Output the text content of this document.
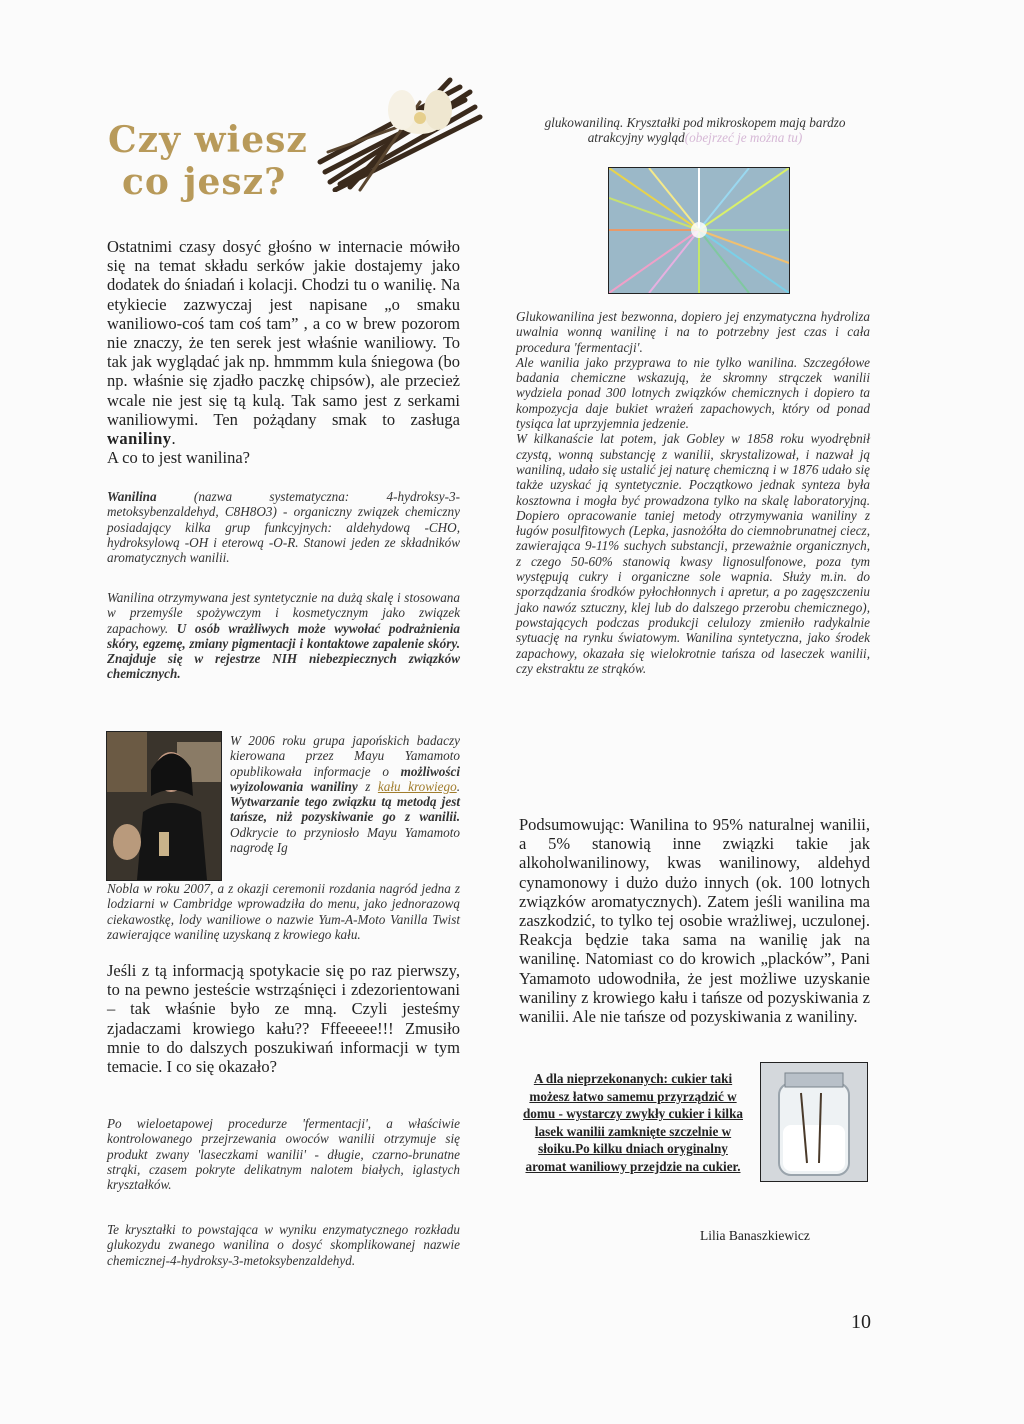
Czy wiesz
co jesz?
Ostatnimi czasy dosyć głośno w internacie mówiło się na temat składu serków jakie dostajemy jako dodatek do śniadań i kolacji. Chodzi tu o wanilię. Na etykiecie zazwyczaj jest napisane „o smaku waniliowo-coś tam coś tam” , a co w brew pozorom nie znaczy, że ten serek jest właśnie waniliowy. To tak jak wyglądać jak np. hmmmm kula śniegowa (bo np. właśnie się zjadło paczkę chipsów), ale przecież wcale nie jest się tą kulą. Tak samo jest z serkami waniliowymi. Ten pożądany smak to zasługa waniliny.
A co to jest wanilina?
Wanilina (nazwa systematyczna: 4-hydroksy-3-metoksybenzaldehyd, C8H8O3) - organiczny związek chemiczny posiadający kilka grup funkcyjnych: aldehydową -CHO, hydroksylową -OH i eterową -O-R. Stanowi jeden ze składników aromatycznych wanilii.
Wanilina otrzymywana jest syntetycznie na dużą skalę i stosowana w przemyśle spożywczym i kosmetycznym jako związek zapachowy. U osób wrażliwych może wywołać podrażnienia skóry, egzemę, zmiany pigmentacji i kontaktowe zapalenie skóry. Znajduje się w rejestrze NIH niebezpiecznych związków chemicznych.
W 2006 roku grupa japońskich badaczy kierowana przez Mayu Yamamoto opublikowała informacje o możliwości wyizolowania waniliny z kału krowiego. Wytwarzanie tego związku tą metodą jest tańsze, niż pozyskiwanie go z wanilii. Odkrycie to przyniosło Mayu Yamamoto nagrodę Ig
Nobla w roku 2007, a z okazji ceremonii rozdania nagród jedna z lodziarni w Cambridge wprowadziła do menu, jako jednorazową ciekawostkę, lody waniliowe o nazwie Yum-A-Moto Vanilla Twist zawierające wanilinę uzyskaną z krowiego kału.
Jeśli z tą informacją spotykacie się po raz pierwszy, to na pewno jesteście wstrząśnięci i zdezorientowani – tak właśnie było ze mną. Czyli jesteśmy zjadaczami krowiego kału?? Fffeeeee!!! Zmusiło mnie to do dalszych poszukiwań informacji w tym temacie. I co się okazało?
Po wieloetapowej procedurze 'fermentacji', a właściwie kontrolowanego przejrzewania owoców wanilii otrzymuje się produkt zwany 'laseczkami wanilii' - długie, czarno-brunatne strąki, czasem pokryte delikatnym nalotem białych, iglastych kryształków.
Te kryształki to powstająca w wyniku enzymatycznego rozkładu glukozydu zwanego wanilina o dosyć skomplikowanej nazwie chemicznej-4-hydroksy-3-metoksybenzaldehyd.
glukowaniliną. Kryształki pod mikroskopem mają bardzo atrakcyjny wygląd(obejrzeć je można tu)
Glukowanilina jest bezwonna, dopiero jej enzymatyczna hydroliza uwalnia wonną wanilinę i na to potrzebny jest czas i cała procedura 'fermentacji'.
Ale wanilia jako przyprawa to nie tylko wanilina. Szczegółowe badania chemiczne wskazują, że skromny strączek wanilii wydziela ponad 300 lotnych związków chemicznych i dopiero ta kompozycja daje bukiet wrażeń zapachowych, który od ponad tysiąca lat uprzyjemnia jedzenie.
W kilkanaście lat potem, jak Gobley w 1858 roku wyodrębnił czystą, wonną substancję z wanilii, skrystalizował, i nazwał ją waniliną, udało się ustalić jej naturę chemiczną i w 1876 udało się także uzyskać ją syntetycznie. Początkowo jednak synteza była kosztowna i mogła być prowadzona tylko na skalę laboratoryjną. Dopiero opracowanie taniej metody otrzymywania waniliny z ługów posulfitowych (Lepka, jasnożółta do ciemnobrunatnej ciecz, zawierająca 9-11% suchych substancji, przeważnie organicznych, z czego 50-60% stanowią kwasy lignosulfonowe, poza tym występują cukry i organiczne sole wapnia. Służy m.in. do sporządzania środków pyłochłonnych i apretur, a po zagęszczeniu jako nawóz sztuczny, klej lub do dalszego przerobu chemicznego), powstających podczas produkcji celulozy zmieniło radykalnie sytuację na rynku światowym. Wanilina syntetyczna, jako środek zapachowy, okazała się wielokrotnie tańsza od laseczek wanilii, czy ekstraktu ze strąków.
Podsumowując: Wanilina to 95% naturalnej wanilii, a 5% stanowią inne związki takie jak alkoholwanilinowy, kwas wanilinowy, aldehyd cynamonowy i dużo dużo innych (ok. 100 lotnych związków aromatycznych). Zatem jeśli wanilina ma zaszkodzić, to tylko tej osobie wrażliwej, uczulonej. Reakcja będzie taka sama na wanilię jak na wanilinę. Natomiast co do krowich „placków”, Pani Yamamoto udowodniła, że jest możliwe uzyskanie waniliny z krowiego kału i tańsze od pozyskiwania z wanilii. Ale nie tańsze od pozyskiwania z waniliny.
A dla nieprzekonanych: cukier taki możesz łatwo samemu przyrządzić w domu - wystarczy zwykły cukier i kilka lasek wanilii zamknięte szczelnie w słoiku.Po kilku dniach oryginalny aromat waniliowy przejdzie na cukier.
Lilia Banaszkiewicz
10
